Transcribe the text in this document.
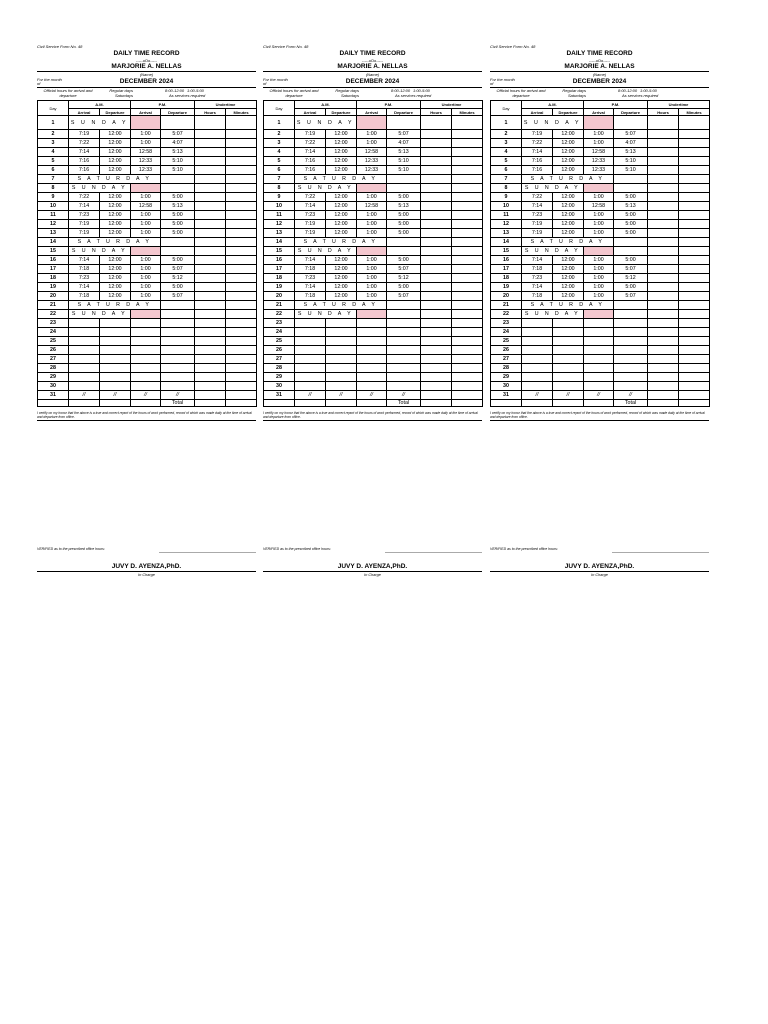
Civil Service Form No. 48
DAILY TIME RECORD
-----oOo-----
MARJORIE A. NELLAS
(Name)
For the month of	DECEMBER 2024
Official hours for arrival and departure
Regular days	8:00-12:00 1:00-5:00
Saturdays	As services required
Day	A.M.		P.M.		Undertime	
	Arrival	Departure	Arrival	Departure	Hours	Minutes
1	S U N D A Y					
2	7:19	12:00	1:00	5:07		
3	7:22	12:00	1:00	4:07		
4	7:14	12:00	12:58	5:13		
5	7:16	12:00	12:33	5:10		
6	7:16	12:00	12:33	5:10		
7	S A T U R D A Y					
8	S U N D A Y					
9	7:22	12:00	1:00	5:00		
10	7:14	12:00	12:58	5:13		
11	7:23	12:00	1:00	5:00		
12	7:19	12:00	1:00	5:00		
13	7:19	12:00	1:00	5:00		
14	S A T U R D A Y					
15	S U N D A Y					
16	7:14	12:00	1:00	5:00		
17	7:18	12:00	1:00	5:07		
18	7:23	12:00	1:00	5:12		
19	7:14	12:00	1:00	5:00		
20	7:18	12:00	1:00	5:07		
21	S A T U R D A Y					
22	S U N D A Y					
23						
24						
25						
26						
27						
28						
29						
30						
31	//	//	//	//		
				Total		
I certify on my honor that the above is a true and correct report of the hours of work performed, record of which was made daily at the time of arrival and departure from office.
VERIFIED as to the prescribed office hours:
JUVY D. AYENZA,PhD.
In Charge
Civil Service Form No. 48
DAILY TIME RECORD
-----oOo-----
MARJORIE A. NELLAS
(Name)
For the month of	DECEMBER 2024
Official hours for arrival and departure
Regular days	8:00-12:00 1:00-5:00
Saturdays	As services required
Day	A.M.		P.M.		Undertime	
	Arrival	Departure	Arrival	Departure	Hours	Minutes
1	S U N D A Y					
2	7:19	12:00	1:00	5:07		
3	7:22	12:00	1:00	4:07		
4	7:14	12:00	12:58	5:13		
5	7:16	12:00	12:33	5:10		
6	7:16	12:00	12:33	5:10		
7	S A T U R D A Y					
8	S U N D A Y					
9	7:22	12:00	1:00	5:00		
10	7:14	12:00	12:58	5:13		
11	7:23	12:00	1:00	5:00		
12	7:19	12:00	1:00	5:00		
13	7:19	12:00	1:00	5:00		
14	S A T U R D A Y					
15	S U N D A Y					
16	7:14	12:00	1:00	5:00		
17	7:18	12:00	1:00	5:07		
18	7:23	12:00	1:00	5:12		
19	7:14	12:00	1:00	5:00		
20	7:18	12:00	1:00	5:07		
21	S A T U R D A Y					
22	S U N D A Y					
23						
24						
25						
26						
27						
28						
29						
30						
31	//	//	//	//		
				Total		
I certify on my honor that the above is a true and correct report of the hours of work performed, record of which was made daily at the time of arrival and departure from office.
VERIFIED as to the prescribed office hours:
JUVY D. AYENZA,PhD.
In Charge
Civil Service Form No. 48
DAILY TIME RECORD
-----oOo-----
MARJORIE A. NELLAS
(Name)
For the month of	DECEMBER 2024
Official hours for arrival and departure
Regular days	8:00-12:00 1:00-5:00
Saturdays	As services required
Day	A.M.		P.M.		Undertime	
	Arrival	Departure	Arrival	Departure	Hours	Minutes
1	S U N D A Y					
2	7:19	12:00	1:00	5:07		
3	7:22	12:00	1:00	4:07		
4	7:14	12:00	12:58	5:13		
5	7:16	12:00	12:33	5:10		
6	7:16	12:00	12:33	5:10		
7	S A T U R D A Y					
8	S U N D A Y					
9	7:22	12:00	1:00	5:00		
10	7:14	12:00	12:58	5:13		
11	7:23	12:00	1:00	5:00		
12	7:19	12:00	1:00	5:00		
13	7:19	12:00	1:00	5:00		
14	S A T U R D A Y					
15	S U N D A Y					
16	7:14	12:00	1:00	5:00		
17	7:18	12:00	1:00	5:07		
18	7:23	12:00	1:00	5:12		
19	7:14	12:00	1:00	5:00		
20	7:18	12:00	1:00	5:07		
21	S A T U R D A Y					
22	S U N D A Y					
23						
24						
25						
26						
27						
28						
29						
30						
31	//	//	//	//		
				Total		
I certify on my honor that the above is a true and correct report of the hours of work performed, record of which was made daily at the time of arrival and departure from office.
VERIFIED as to the prescribed office hours:
JUVY D. AYENZA,PhD.
In Charge
